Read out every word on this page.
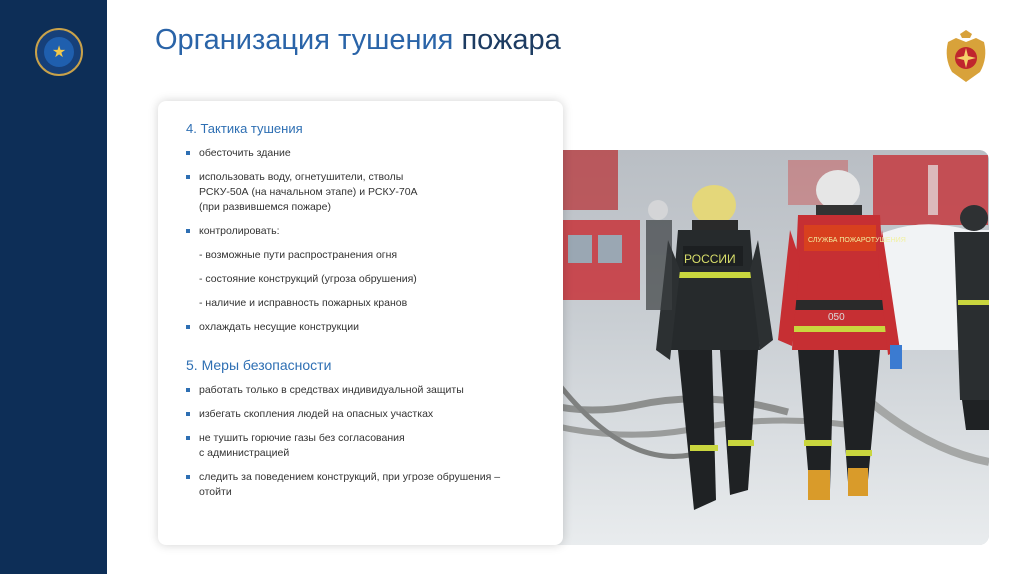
★	Организация тушения пожара
РОССИИ
СЛУЖБА ПОЖАРОТУШЕНИЯ
050
4. Тактика тушения
обесточить здание
использовать воду, огнетушители, стволы
РСКУ-50А (на начальном этапе) и РСКУ-70А
(при развившемся пожаре)
контролировать:
- возможные пути распространения огня
- состояние конструкций (угроза обрушения)
- наличие и исправность пожарных кранов
охлаждать несущие конструкции
5. Меры безопасности
работать только в средствах индивидуальной защиты
избегать скопления людей на опасных участках
не тушить горючие газы без согласования
с администрацией
следить за поведением конструкций, при угрозе обрушения –
отойти
